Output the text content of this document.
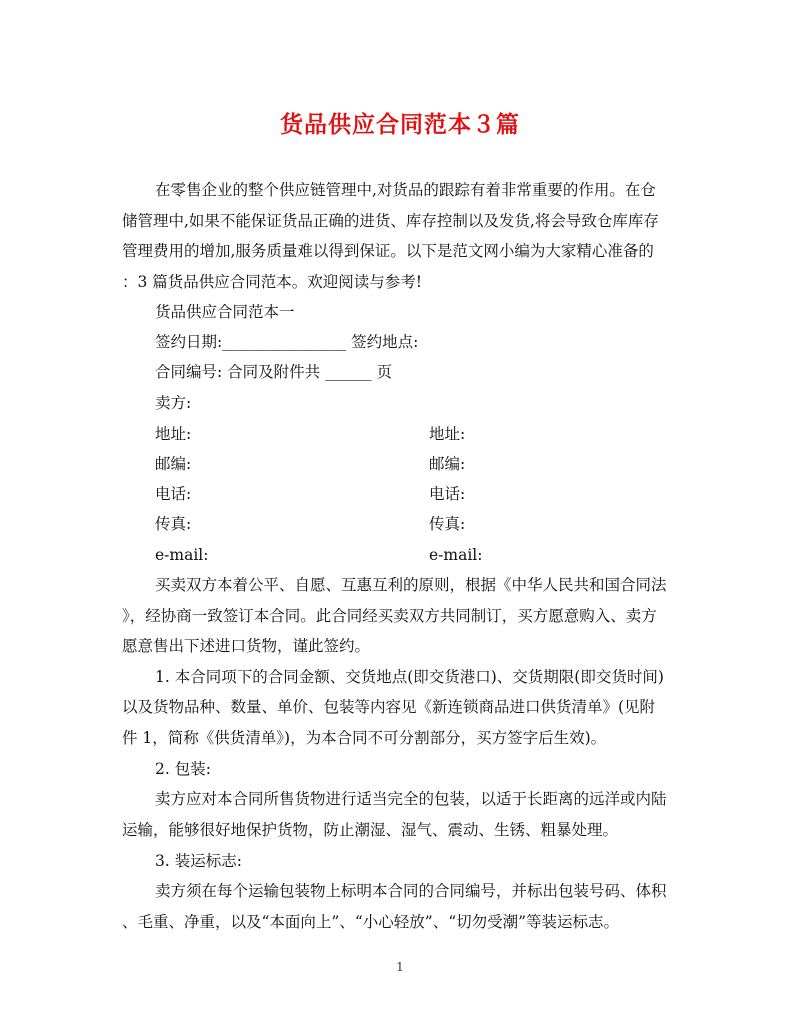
货品供应合同范本３篇

在零售企业的整个供应链管理中,对货品的跟踪有着非常重要的作用。在仓

储管理中,如果不能保证货品正确的进货、库存控制以及发货,将会导致仓库库存

管理费用的增加,服务质量难以得到保证。以下是范文网小编为大家精心准备的

：3 篇货品供应合同范本。欢迎阅读与参考!

货品供应合同范本一

签约日期:________________ 签约地点:

合同编号: 合同及附件共 ______ 页

卖方:

地址:	地址:

邮编:	邮编:

电话:	电话:

传真:	传真:

e-mail:	e-mail:

买卖双方本着公平、自愿、互惠互利的原则，根据《中华人民共和国合同法

》，经协商一致签订本合同。此合同经买卖双方共同制订，买方愿意购入、卖方

愿意售出下述进口货物，谨此签约。

1. 本合同项下的合同金额、交货地点(即交货港口)、交货期限(即交货时间)

以及货物品种、数量、单价、包装等内容见《新连锁商品进口供货清单》(见附

件 1，简称《供货清单》)，为本合同不可分割部分，买方签字后生效)。

2. 包装:

卖方应对本合同所售货物进行适当完全的包装，以适于长距离的远洋或内陆

运输，能够很好地保护货物，防止潮湿、湿气、震动、生锈、粗暴处理。

3. 装运标志:

卖方须在每个运输包装物上标明本合同的合同编号，并标出包装号码、体积

、毛重、净重，以及“本面向上”、“小心轻放”、“切勿受潮”等装运标志。

1
